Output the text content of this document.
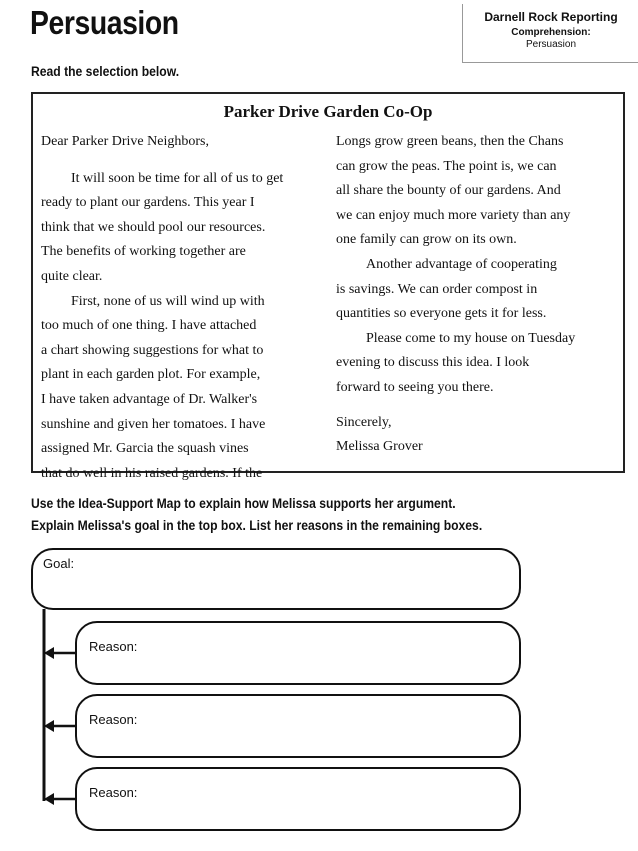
Persuasion	Darnell Rock Reporting
Comprehension:
Persuasion
Read the selection below.
Parker Drive Garden Co-Op

Dear Parker Drive Neighbors,

It will soon be time for all of us to get

ready to plant our gardens. This year I

think that we should pool our resources.

The benefits of working together are

quite clear.

First, none of us will wind up with

too much of one thing. I have attached

a chart showing suggestions for what to

plant in each garden plot. For example,

I have taken advantage of Dr. Walker's

sunshine and given her tomatoes. I have

assigned Mr. Garcia the squash vines

that do well in his raised gardens. If the

Longs grow green beans, then the Chans

can grow the peas. The point is, we can

all share the bounty of our gardens. And

we can enjoy much more variety than any

one family can grow on its own.

Another advantage of cooperating

is savings. We can order compost in

quantities so everyone gets it for less.

Please come to my house on Tuesday

evening to discuss this idea. I look

forward to seeing you there.

Sincerely,

Melissa Grover

Use the Idea-Support Map to explain how Melissa supports her argument.
Explain Melissa's goal in the top box. List her reasons in the remaining boxes.
Goal:
Reason:
Reason:
Reason:
